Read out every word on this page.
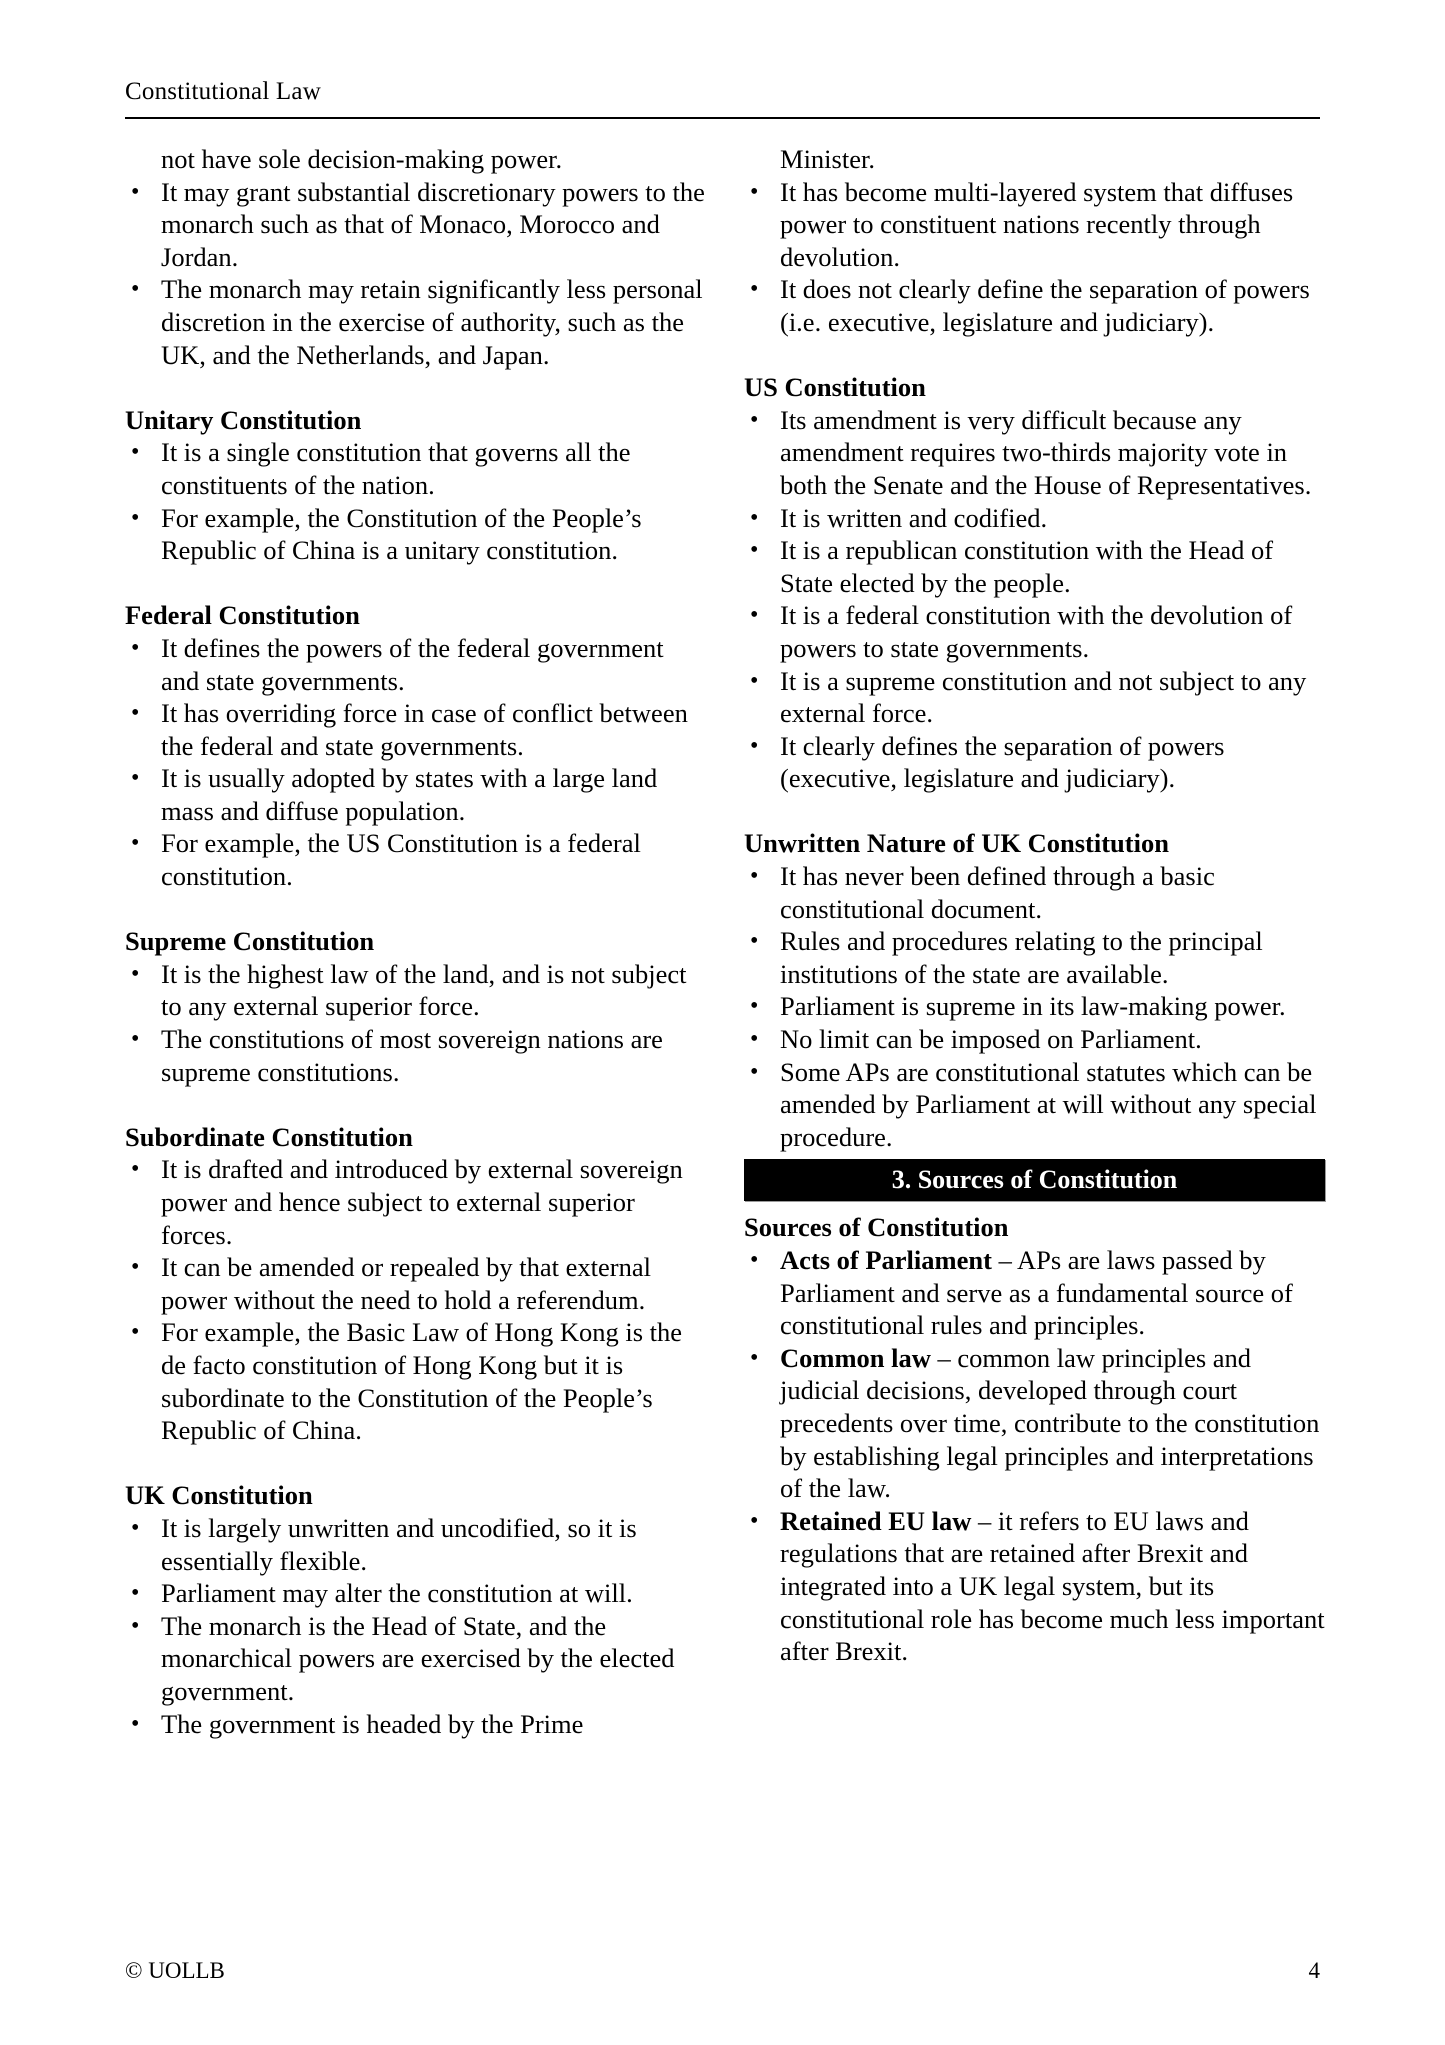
Constitutional Law

not have sole decision-making power.

• It may grant substantial discretionary powers to the monarch such as that of Monaco, Morocco and Jordan.
• The monarch may retain significantly less personal discretion in the exercise of authority, such as the UK, and the Netherlands, and Japan.
Unitary Constitution
• It is a single constitution that governs all the constituents of the nation.
• For example, the Constitution of the People’s Republic of China is a unitary constitution.
Federal Constitution
• It defines the powers of the federal government and state governments.
• It has overriding force in case of conflict between the federal and state governments.
• It is usually adopted by states with a large land mass and diffuse population.
• For example, the US Constitution is a federal constitution.
Supreme Constitution
• It is the highest law of the land, and is not subject to any external superior force.
• The constitutions of most sovereign nations are supreme constitutions.
Subordinate Constitution
• It is drafted and introduced by external sovereign power and hence subject to external superior forces.
• It can be amended or repealed by that external power without the need to hold a referendum.
• For example, the Basic Law of Hong Kong is the de facto constitution of Hong Kong but it is subordinate to the Constitution of the People’s Republic of China.
UK Constitution
• It is largely unwritten and uncodified, so it is essentially flexible.
• Parliament may alter the constitution at will.
• The monarch is the Head of State, and the monarchical powers are exercised by the elected government.
• The government is headed by the Prime

Minister.

• It has become multi-layered system that diffuses power to constituent nations recently through devolution.
• It does not clearly define the separation of powers (i.e. executive, legislature and judiciary).
US Constitution
• Its amendment is very difficult because any amendment requires two-thirds majority vote in both the Senate and the House of Representatives.
• It is written and codified.
• It is a republican constitution with the Head of State elected by the people.
• It is a federal constitution with the devolution of powers to state governments.
• It is a supreme constitution and not subject to any external force.
• It clearly defines the separation of powers (executive, legislature and judiciary).
Unwritten Nature of UK Constitution
• It has never been defined through a basic constitutional document.
• Rules and procedures relating to the principal institutions of the state are available.
• Parliament is supreme in its law-making power.
• No limit can be imposed on Parliament.
• Some APs are constitutional statutes which can be amended by Parliament at will without any special procedure.
3. Sources of Constitution
Sources of Constitution
• Acts of Parliament – APs are laws passed by Parliament and serve as a fundamental source of constitutional rules and principles.
• Common law – common law principles and judicial decisions, developed through court precedents over time, contribute to the constitution by establishing legal principles and interpretations of the law.
• Retained EU law – it refers to EU laws and regulations that are retained after Brexit and integrated into a UK legal system, but its constitutional role has become much less important after Brexit.
© UOLLB	4
